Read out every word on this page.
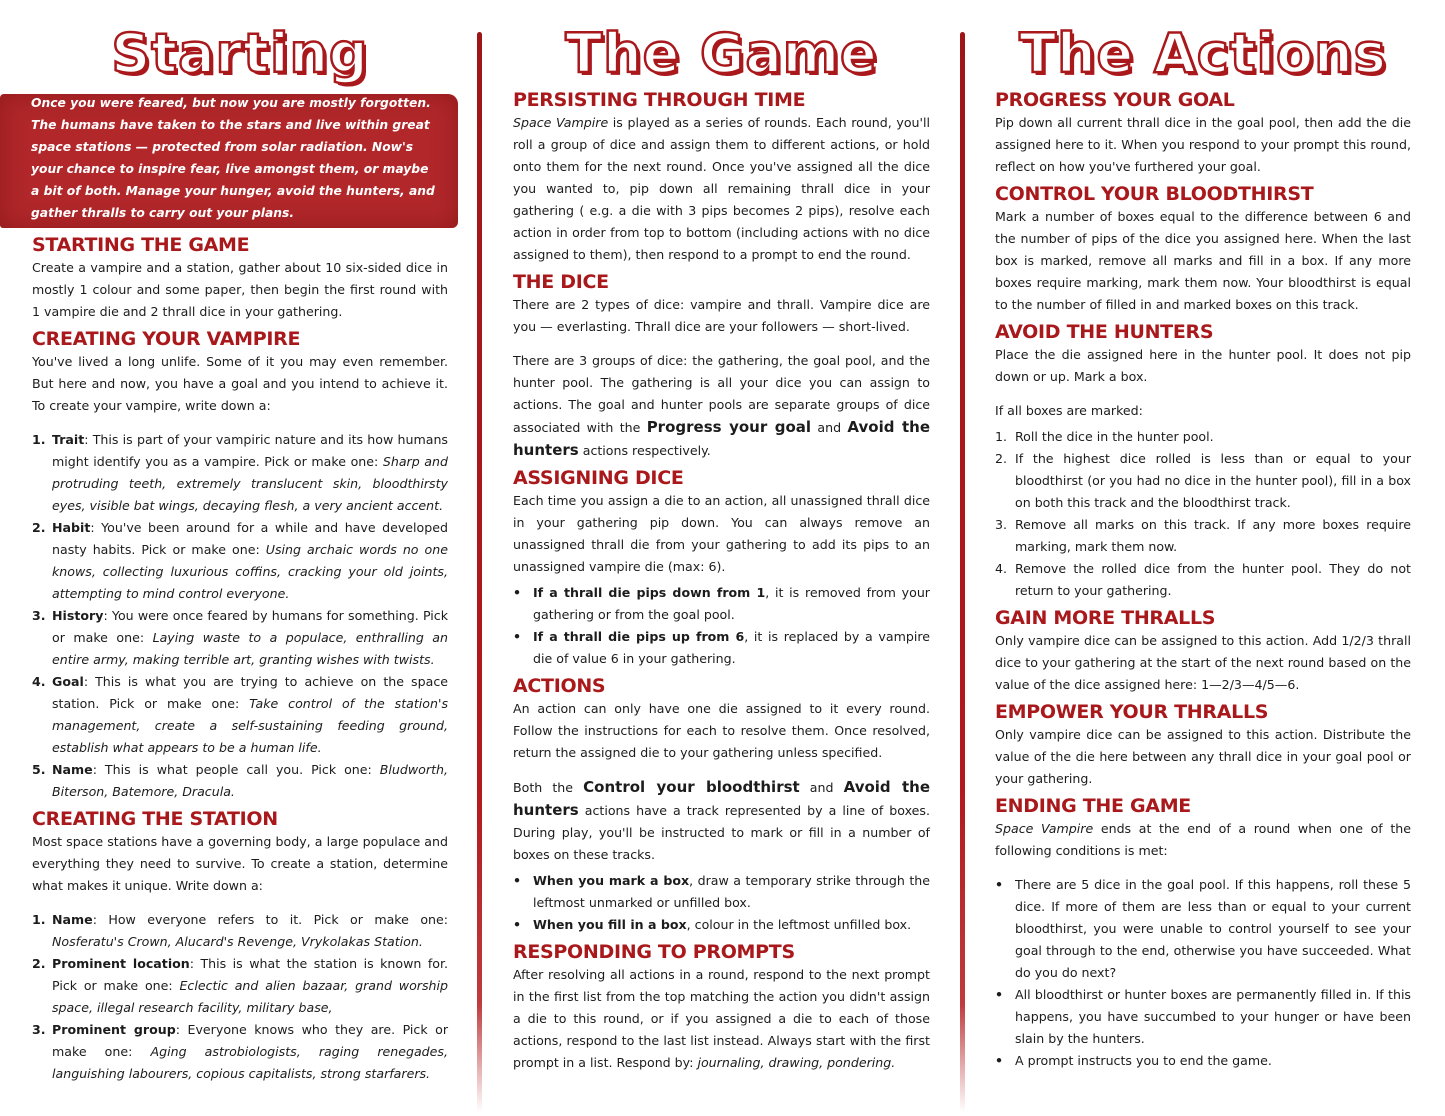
Once you were feared, but now you are mostly forgotten. The humans have taken to the stars and live within great space stations — protected from solar radiation. Now's your chance to inspire fear, live amongst them, or maybe a bit of both. Manage your hunger, avoid the hunters, and gather thralls to carry out your plans.

Starting
STARTING THE GAME

Create a vampire and a station, gather about 10 six-sided dice in mostly 1 colour and some paper, then begin the first round with 1 vampire die and 2 thrall dice in your gathering.

CREATING YOUR VAMPIRE

You've lived a long unlife. Some of it you may even remember. But here and now, you have a goal and you intend to achieve it. To create your vampire, write down a:

1. Trait: This is part of your vampiric nature and its how humans might identify you as a vampire. Pick or make one: Sharp and protruding teeth, extremely translucent skin, bloodthirsty eyes, visible bat wings, decaying flesh, a very ancient accent.
2. Habit: You've been around for a while and have developed nasty habits. Pick or make one: Using archaic words no one knows, collecting luxurious coffins, cracking your old joints, attempting to mind control everyone.
3. History: You were once feared by humans for something. Pick or make one: Laying waste to a populace, enthralling an entire army, making terrible art, granting wishes with twists.
4. Goal: This is what you are trying to achieve on the space station. Pick or make one: Take control of the station's management, create a self-sustaining feeding ground, establish what appears to be a human life.
5. Name: This is what people call you. Pick one: Bludworth, Biterson, Batemore, Dracula.
CREATING THE STATION

Most space stations have a governing body, a large populace and everything they need to survive. To create a station, determine what makes it unique. Write down a:

1. Name: How everyone refers to it. Pick or make one: Nosferatu's Crown, Alucard's Revenge, Vrykolakas Station.
2. Prominent location: This is what the station is known for. Pick or make one: Eclectic and alien bazaar, grand worship space, illegal research facility, military base,
3. Prominent group: Everyone knows who they are. Pick or make one: Aging astrobiologists, raging renegades, languishing labourers, copious capitalists, strong starfarers.
The Game
PERSISTING THROUGH TIME

Space Vampire is played as a series of rounds. Each round, you'll roll a group of dice and assign them to different actions, or hold onto them for the next round. Once you've assigned all the dice you wanted to, pip down all remaining thrall dice in your gathering ( e.g. a die with 3 pips becomes 2 pips), resolve each action in order from top to bottom (including actions with no dice assigned to them), then respond to a prompt to end the round.

THE DICE

There are 2 types of dice: vampire and thrall. Vampire dice are you — everlasting. Thrall dice are your followers — short-lived.

There are 3 groups of dice: the gathering, the goal pool, and the hunter pool. The gathering is all your dice you can assign to actions. The goal and hunter pools are separate groups of dice associated with the Progress your goal and Avoid the hunters actions respectively.

ASSIGNING DICE

Each time you assign a die to an action, all unassigned thrall dice in your gathering pip down. You can always remove an unassigned thrall die from your gathering to add its pips to an unassigned vampire die (max: 6).

• If a thrall die pips down from 1, it is removed from your gathering or from the goal pool.
• If a thrall die pips up from 6, it is replaced by a vampire die of value 6 in your gathering.
ACTIONS

An action can only have one die assigned to it every round. Follow the instructions for each to resolve them. Once resolved, return the assigned die to your gathering unless specified.

Both the Control your bloodthirst and Avoid the hunters actions have a track represented by a line of boxes. During play, you'll be instructed to mark or fill in a number of boxes on these tracks.

• When you mark a box, draw a temporary strike through the leftmost unmarked or unfilled box.
• When you fill in a box, colour in the leftmost unfilled box.
RESPONDING TO PROMPTS

After resolving all actions in a round, respond to the next prompt in the first list from the top matching the action you didn't assign a die to this round, or if you assigned a die to each of those actions, respond to the last list instead. Always start with the first prompt in a list. Respond by: journaling, drawing, pondering.

The Actions
PROGRESS YOUR GOAL

Pip down all current thrall dice in the goal pool, then add the die assigned here to it. When you respond to your prompt this round, reflect on how you've furthered your goal.

CONTROL YOUR BLOODTHIRST

Mark a number of boxes equal to the difference between 6 and the number of pips of the dice you assigned here. When the last box is marked, remove all marks and fill in a box. If any more boxes require marking, mark them now. Your bloodthirst is equal to the number of filled in and marked boxes on this track.

AVOID THE HUNTERS

Place the die assigned here in the hunter pool. It does not pip down or up. Mark a box.

If all boxes are marked:

1. Roll the dice in the hunter pool.
2. If the highest dice rolled is less than or equal to your bloodthirst (or you had no dice in the hunter pool), fill in a box on both this track and the bloodthirst track.
3. Remove all marks on this track. If any more boxes require marking, mark them now.
4. Remove the rolled dice from the hunter pool. They do not return to your gathering.
GAIN MORE THRALLS

Only vampire dice can be assigned to this action. Add 1/2/3 thrall dice to your gathering at the start of the next round based on the value of the dice assigned here: 1—2/3—4/5—6.

EMPOWER YOUR THRALLS

Only vampire dice can be assigned to this action. Distribute the value of the die here between any thrall dice in your goal pool or your gathering.

ENDING THE GAME

Space Vampire ends at the end of a round when one of the following conditions is met:

• There are 5 dice in the goal pool. If this happens, roll these 5 dice. If more of them are less than or equal to your current bloodthirst, you were unable to control yourself to see your goal through to the end, otherwise you have succeeded. What do you do next?
• All bloodthirst or hunter boxes are permanently filled in. If this happens, you have succumbed to your hunger or have been slain by the hunters.
• A prompt instructs you to end the game.
